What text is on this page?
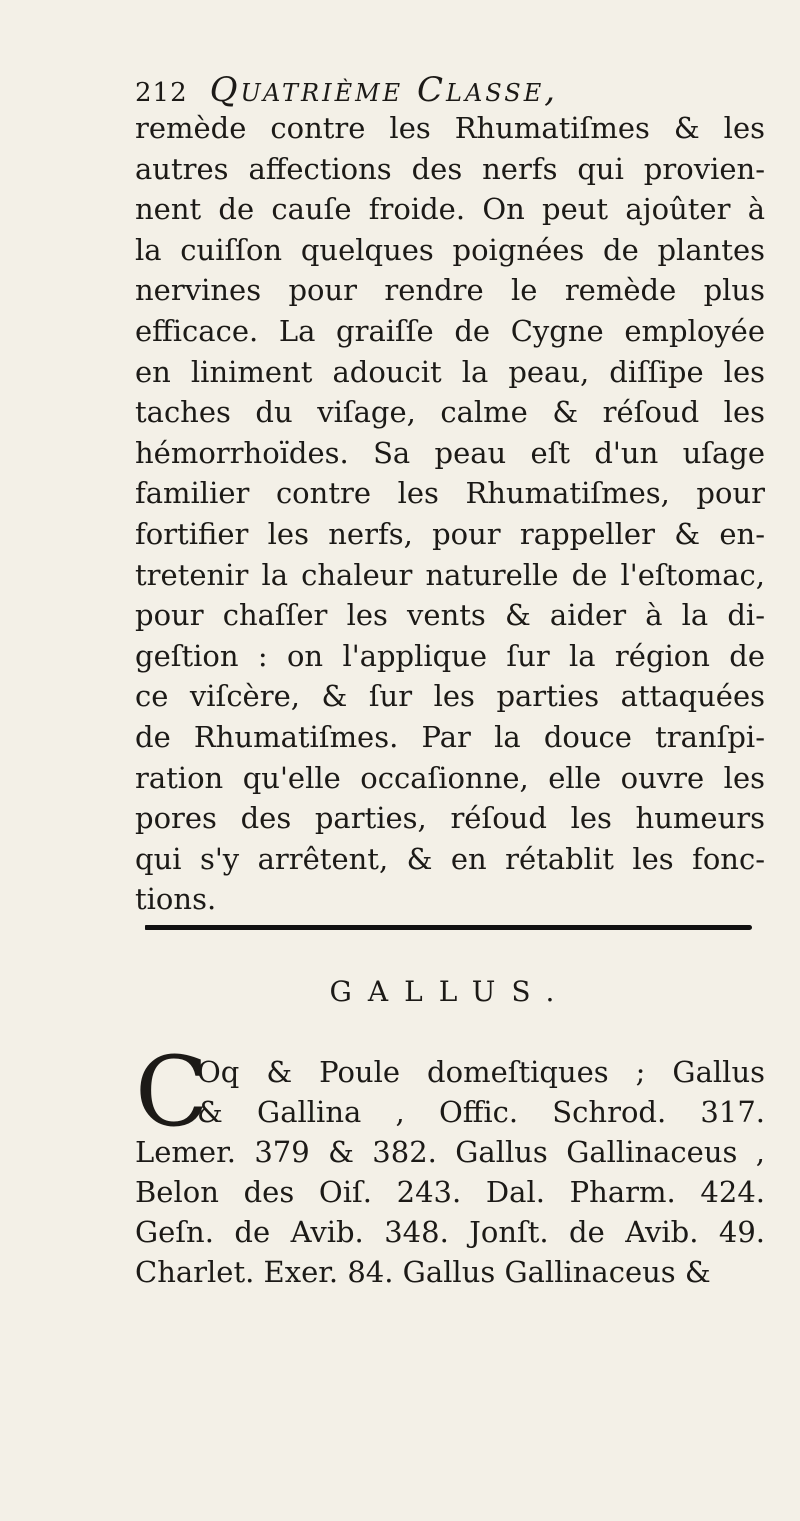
212 Quatrième Classe,
remède contre les Rhumatiſmes & les
autres affections des nerfs qui provien-
nent de cauſe froide. On peut ajoûter à
la cuiſſon quelques poignées de plantes
nervines pour rendre le remède plus
efficace. La graiſſe de Cygne employée
en liniment adoucit la peau, diſſipe les
taches du viſage, calme & réſoud les
hémorrhoïdes. Sa peau eſt d'un uſage
familier contre les Rhumatiſmes, pour
fortifier les nerfs, pour rappeller & en-
tretenir la chaleur naturelle de l'eſtomac,
pour chaſſer les vents & aider à la di-
geſtion : on l'applique ſur la région de
ce viſcère, & ſur les parties attaquées
de Rhumatiſmes. Par la douce tranſpi-
ration qu'elle occaſionne, elle ouvre les
pores des parties, réſoud les humeurs
qui s'y arrêtent, & en rétablit les fonc-
tions.
GALLUS.
C
Oq & Poule domeſtiques ; Gallus
& Gallina , Offic. Schrod. 317.
Lemer. 379 & 382. Gallus Gallinaceus ,
Belon des Oiſ. 243. Dal. Pharm. 424.
Geſn. de Avib. 348. Jonſt. de Avib. 49.
Charlet. Exer. 84. Gallus Gallinaceus &
